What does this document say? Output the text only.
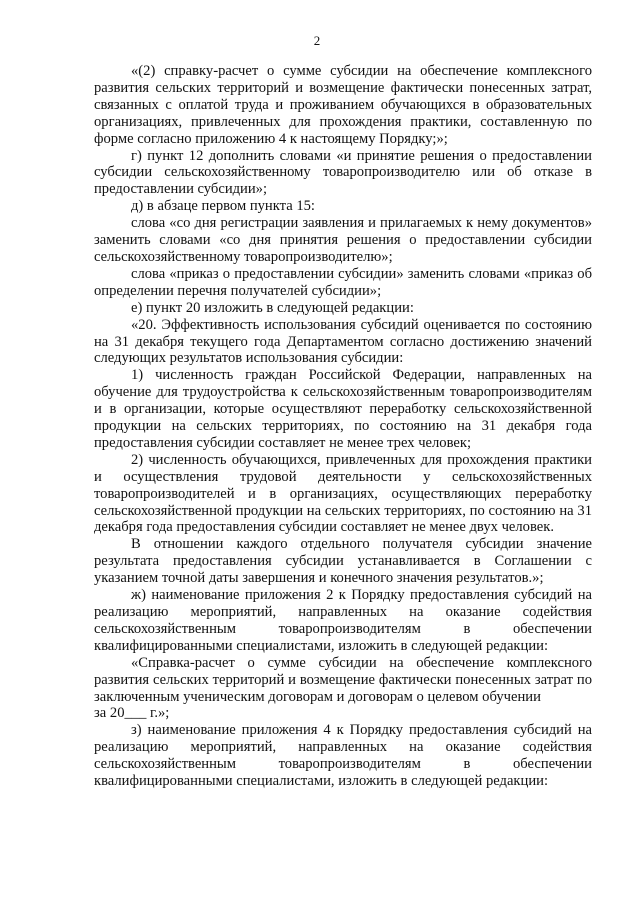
2

«(2) справку-расчет о сумме субсидии на обеспечение комплексного развития сельских территорий и возмещение фактически понесенных затрат, связанных с оплатой труда и проживанием обучающихся в образовательных организациях, привлеченных для прохождения практики, составленную по форме согласно приложению 4 к настоящему Порядку;»;

г) пункт 12 дополнить словами «и принятие решения о предоставлении субсидии сельскохозяйственному товаропроизводителю или об отказе в предоставлении субсидии»;

д) в абзаце первом пункта 15:

слова «со дня регистрации заявления и прилагаемых к нему документов» заменить словами «со дня принятия решения о предоставлении субсидии сельскохозяйственному товаропроизводителю»;

слова «приказ о предоставлении субсидии» заменить словами «приказ об определении перечня получателей субсидии»;

е) пункт 20 изложить в следующей редакции:

«20. Эффективность использования субсидий оценивается по состоянию на 31 декабря текущего года Департаментом согласно достижению значений следующих результатов использования субсидии:

1) численность граждан Российской Федерации, направленных на обучение для трудоустройства к сельскохозяйственным товаропроизводителям и в организации, которые осуществляют переработку сельскохозяйственной продукции на сельских территориях, по состоянию на 31 декабря года предоставления субсидии составляет не менее трех человек;

2) численность обучающихся, привлеченных для прохождения практики и осуществления трудовой деятельности у сельскохозяйственных товаропроизводителей и в организациях, осуществляющих переработку сельскохозяйственной продукции на сельских территориях, по состоянию на 31 декабря года предоставления субсидии составляет не менее двух человек.

В отношении каждого отдельного получателя субсидии значение результата предоставления субсидии устанавливается в Соглашении с указанием точной даты завершения и конечного значения результатов.»;

ж) наименование приложения 2 к Порядку предоставления субсидий на реализацию мероприятий, направленных на оказание содействия сельскохозяйственным товаропроизводителям в обеспечении квалифицированными специалистами, изложить в следующей редакции:

«Справка-расчет о сумме субсидии на обеспечение комплексного развития сельских территорий и возмещение фактически понесенных затрат по заключенным ученическим договорам и договорам о целевом обучении

за 20___ г.»;

з) наименование приложения 4 к Порядку предоставления субсидий на реализацию мероприятий, направленных на оказание содействия сельскохозяйственным товаропроизводителям в обеспечении квалифицированными специалистами, изложить в следующей редакции:
